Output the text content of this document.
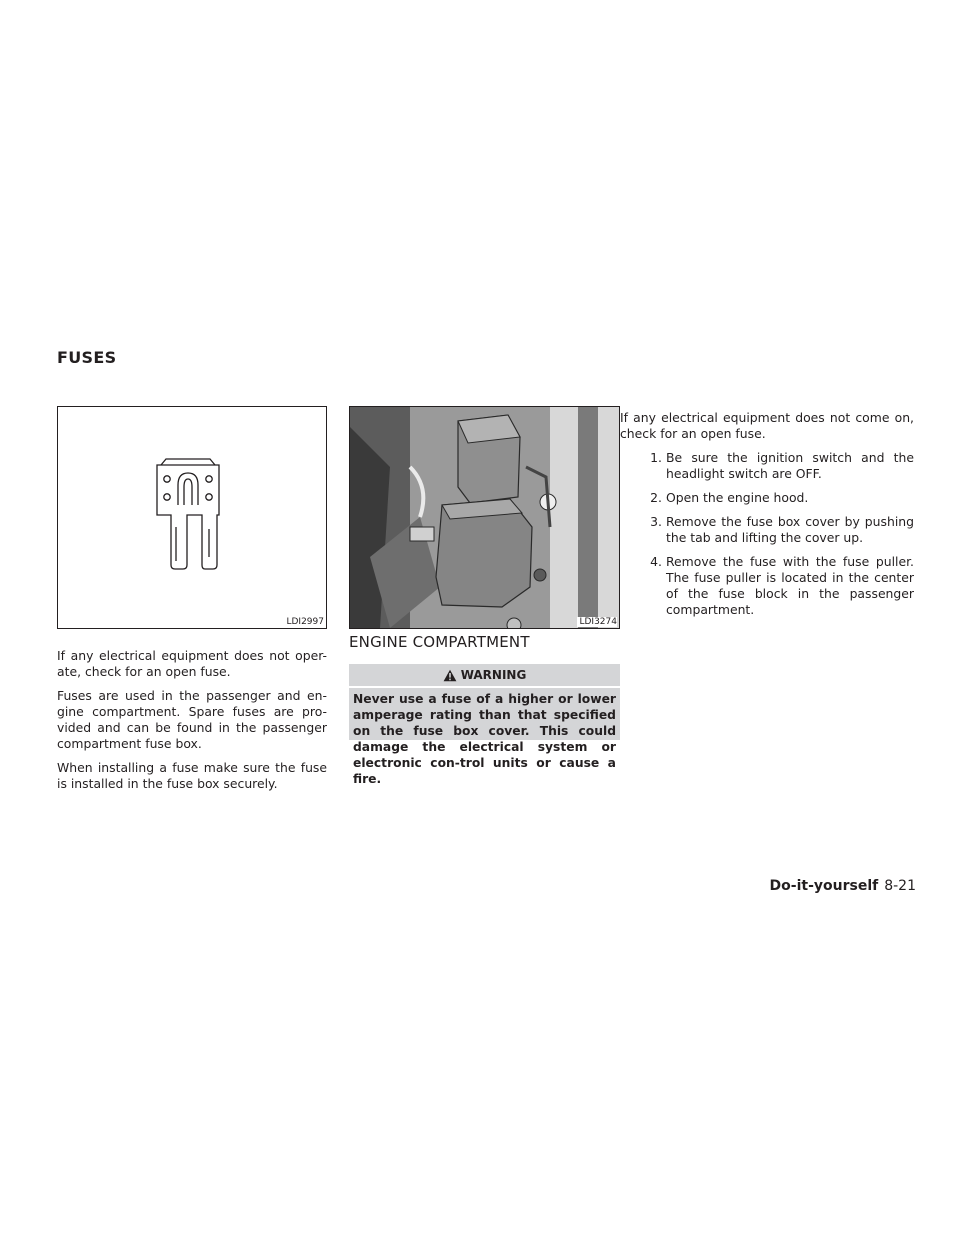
FUSES
LDI2997	LDI3274

If any electrical equipment does not oper-ate, check for an open fuse.

Fuses are used in the passenger and en-gine compartment. Spare fuses are pro-vided and can be found in the passenger compartment fuse box.

When installing a fuse make sure the fuse is installed in the fuse box securely.

ENGINE COMPARTMENT
WARNING
Never use a fuse of a higher or lower amperage rating than that specified on the fuse box cover. This could damage the electrical system or electronic con-trol units or cause a fire.

If any electrical equipment does not come on, check for an open fuse.

1. Be sure the ignition switch and the headlight switch are OFF.
2. Open the engine hood.
3. Remove the fuse box cover by pushing the tab and lifting the cover up.
4. Remove the fuse with the fuse puller. The fuse puller is located in the center of the fuse block in the passenger compartment.
Do-it-yourself 8-21
